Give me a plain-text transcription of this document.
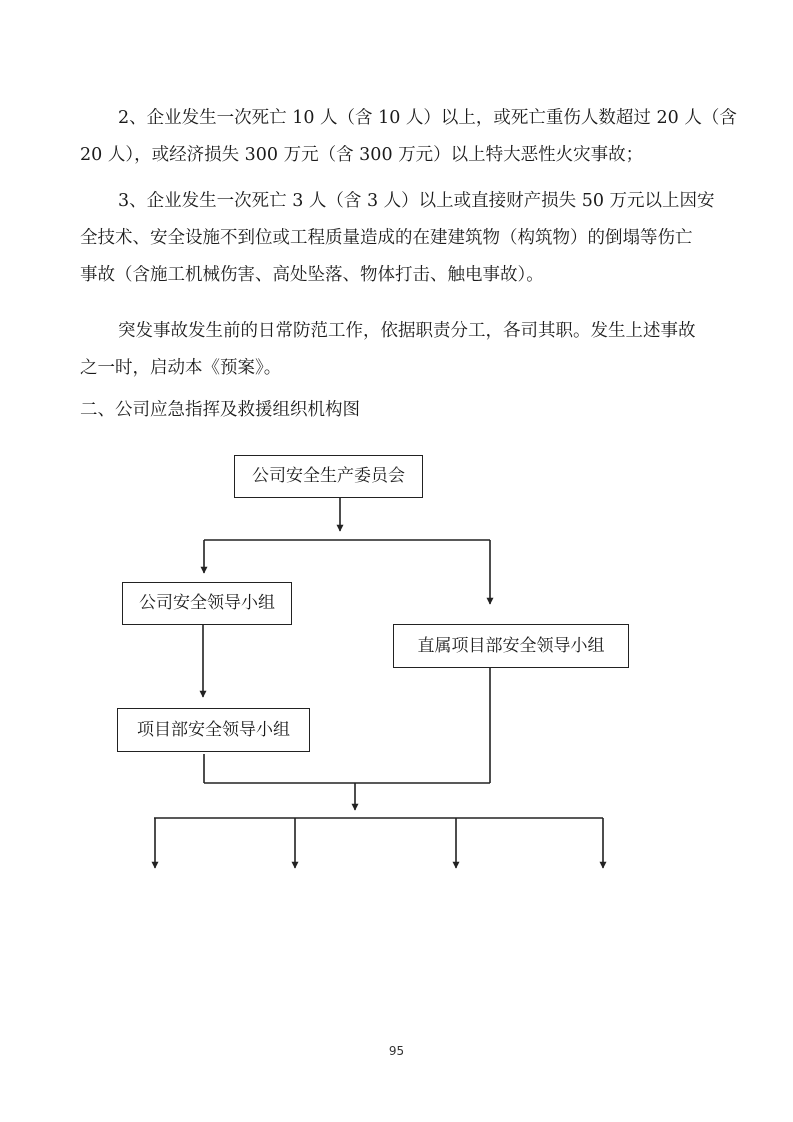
2、企业发生一次死亡 10 人（含 10 人）以上，或死亡重伤人数超过 20 人（含
20 人），或经济损失 300 万元（含 300 万元）以上特大恶性火灾事故；

3、企业发生一次死亡 3 人（含 3 人）以上或直接财产损失 50 万元以上因安
全技术、安全设施不到位或工程质量造成的在建建筑物（构筑物）的倒塌等伤亡
事故（含施工机械伤害、高处坠落、物体打击、触电事故）。

突发事故发生前的日常防范工作，依据职责分工，各司其职。发生上述事故
之一时，启动本《预案》。

二、公司应急指挥及救援组织机构图

公司安全生产委员会
公司安全领导小组
直属项目部安全领导小组
项目部安全领导小组
95
